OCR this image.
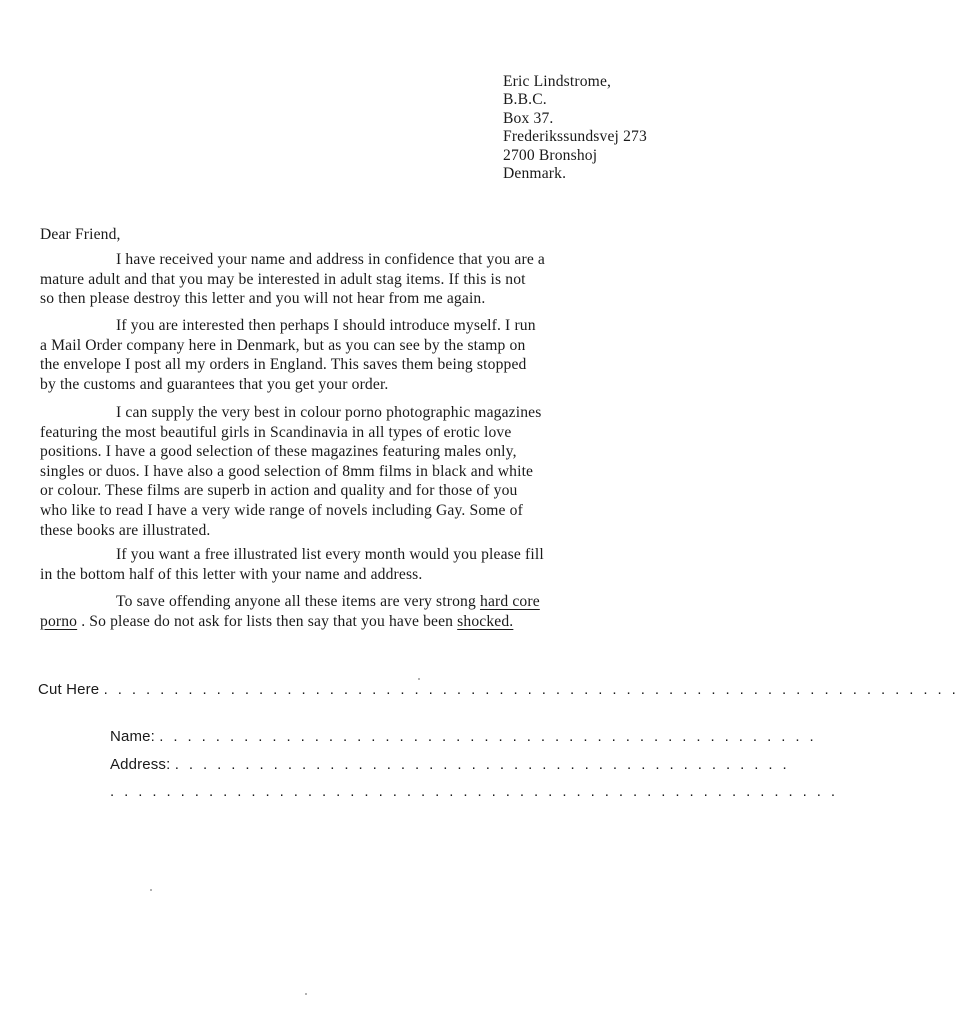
Eric Lindstrome,
B.B.C.
Box 37.
Frederikssundsvej 273
2700 Bronshoj
Denmark.
Dear Friend,
I have received your name and address in confidence that you are a
mature adult and that you may be interested in adult stag items. If this is not
so then please destroy this letter and you will not hear from me again.
If you are interested then perhaps I should introduce myself. I run
a Mail Order company here in Denmark, but as you can see by the stamp on
the envelope I post all my orders in England. This saves them being stopped
by the customs and guarantees that you get your order.
I can supply the very best in colour porno photographic magazines
featuring the most beautiful girls in Scandinavia in all types of erotic love
positions. I have a good selection of these magazines featuring males only,
singles or duos. I have also a good selection of 8mm films in black and white
or colour. These films are superb in action and quality and for those of you
who like to read I have a very wide range of novels including Gay. Some of
these books are illustrated.
If you want a free illustrated list every month would you please fill
in the bottom half of this letter with your name and address.
To save offending anyone all these items are very strong hard core
porno . So please do not ask for lists then say that you have been shocked.
Cut Here . . . . . . . . . . . . . . . . . . . . . . . . . . . . . . . . . . . . . . . . . . . . . . . . . . . . . . . . . . . . .
Name: . . . . . . . . . . . . . . . . . . . . . . . . . . . . . . . . . . . . . . . . . . . . . . .
Address: . . . . . . . . . . . . . . . . . . . . . . . . . . . . . . . . . . . . . . . . . . . .
. . . . . . . . . . . . . . . . . . . . . . . . . . . . . . . . . . . . . . . . . . . . . . . . . . . .
